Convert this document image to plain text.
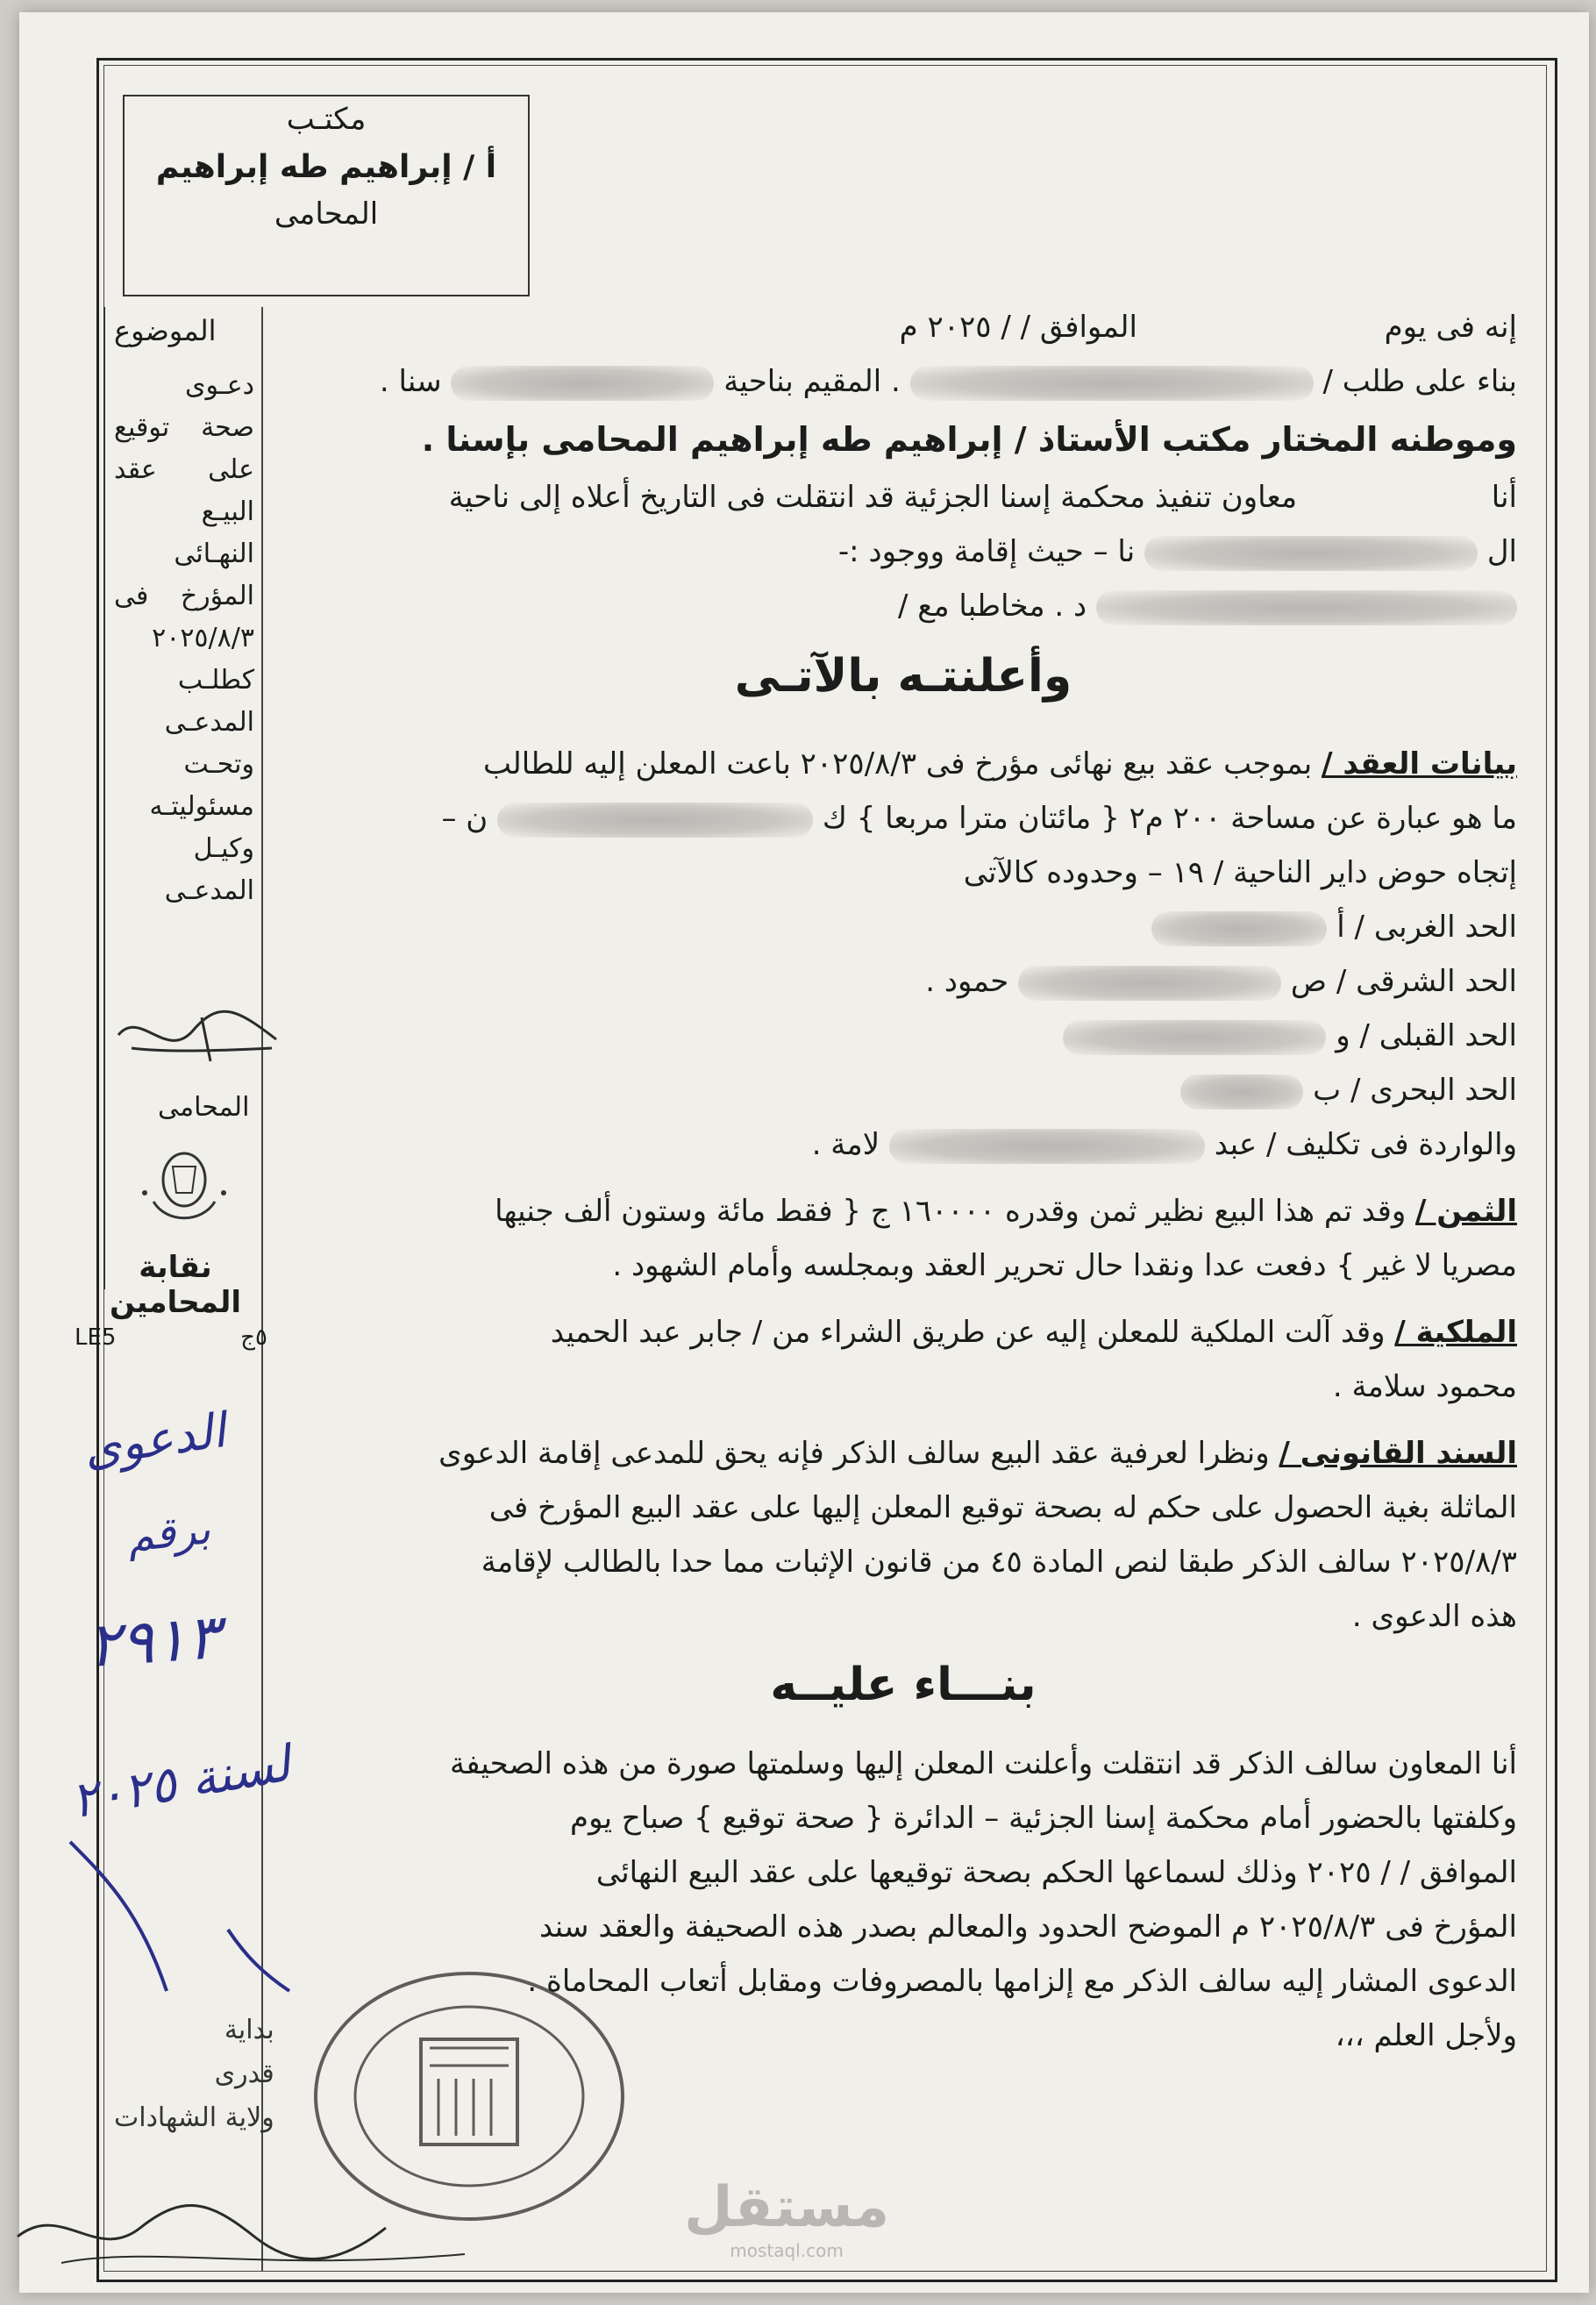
مكتـب
أ / إبراهيم طه إبراهيم
المحامى
الموضوع
دعـوى
صحة توقيع
على عقد
البيـع
النهـائى
المؤرخ فى
٢٠٢٥/٨/٣
كطلـب
المدعـى
وتحـت
مسئوليتـه
وكيـل
المدعـى
المحامى
نقابة المحامين
٥ج
LE5
الدعوى
برقم
٢٩١٣
لسنة ٢٠٢٥
بداية
قدرى
ولاية الشهادات
إنه فى يوم  الموافق / / ٢٠٢٥ م
بناء على طلب /  . المقيم بناحية  سنا .
وموطنه المختار مكتب الأستاذ / إبراهيم طه إبراهيم المحامى بإسنا .
أنا  معاون تنفيذ محكمة إسنا الجزئية قد انتقلت فى التاريخ أعلاه إلى ناحية
ال  نا – حيث إقامة ووجود :-
د . مخاطبا مع /
وأعلنتـه بالآتـى
بيانات العقد / بموجب عقد بيع نهائى مؤرخ فى ٢٠٢٥/٨/٣ باعت المعلن إليه للطالب
ما هو عبارة عن مساحة ٢٠٠ م٢ { مائتان مترا مربعا } ك  ن –
إتجاه حوض داير الناحية / ١٩ – وحدوده كالآتى
الحد الغربى / أ
الحد الشرقى / ص  حمود .
الحد القبلى / و
الحد البحرى / ب
والواردة فى تكليف / عبد  لامة .
الثمن / وقد تم هذا البيع نظير ثمن وقدره ١٦٠٠٠٠ ج { فقط مائة وستون ألف جنيها
مصريا لا غير } دفعت عدا ونقدا حال تحرير العقد وبمجلسه وأمام الشهود .
الملكية / وقد آلت الملكية للمعلن إليه عن طريق الشراء من / جابر عبد الحميد
محمود سلامة .
السند القانونى / ونظرا لعرفية عقد البيع سالف الذكر فإنه يحق للمدعى إقامة الدعوى
الماثلة بغية الحصول على حكم له بصحة توقيع المعلن إليها على عقد البيع المؤرخ فى
٢٠٢٥/٨/٣ سالف الذكر طبقا لنص المادة ٤٥ من قانون الإثبات مما حدا بالطالب لإقامة
هذه الدعوى .
بنـــاء عليــه
أنا المعاون سالف الذكر قد انتقلت وأعلنت المعلن إليها وسلمتها صورة من هذه الصحيفة
وكلفتها بالحضور أمام محكمة إسنا الجزئية – الدائرة { صحة توقيع } صباح يوم
الموافق / / ٢٠٢٥ وذلك لسماعها الحكم بصحة توقيعها على عقد البيع النهائى
المؤرخ فى ٢٠٢٥/٨/٣ م الموضح الحدود والمعالم بصدر هذه الصحيفة والعقد سند
الدعوى المشار إليه سالف الذكر مع إلزامها بالمصروفات ومقابل أتعاب المحاماة .
ولأجل العلم ،،،
مستقل
mostaql.com
